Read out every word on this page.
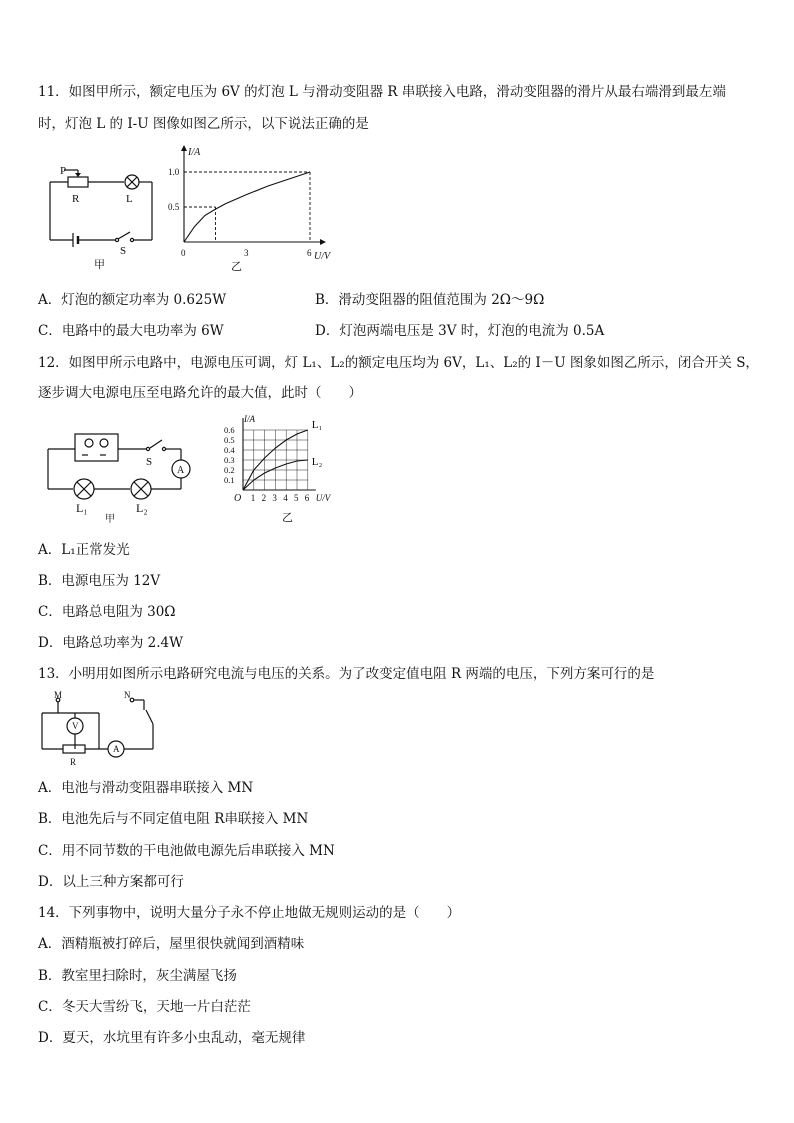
11．如图甲所示，额定电压为 6V 的灯泡 L 与滑动变阻器 R 串联接入电路，滑动变阻器的滑片从最右端滑到最左端
时，灯泡 L 的 I-U 图像如图乙所示，以下说法正确的是
P
R	L
S
甲
0	3	6
0.5
1.0
I/A
U/V
乙
A．灯泡的额定功率为 0.625W	B．滑动变阻器的阻值范围为 2Ω～9Ω
C．电路中的最大电功率为 6W	D．灯泡两端电压是 3V 时，灯泡的电流为 0.5A
12．如图甲所示电路中，电源电压可调，灯 L₁、L₂的额定电压均为 6V，L₁、L₂的 I－U 图象如图乙所示，闭合开关 S，
逐步调大电源电压至电路允许的最大值，此时（　　）
S
A
L₁	L₂
甲
1 2 3 4 5 6
0.1
0.2
0.3
0.4
0.5
0.6
O
I/A
U/V
L₁
L₂
乙
A．L₁正常发光
B．电源电压为 12V
C．电路总电阻为 30Ω
D．电路总功率为 2.4W
13．小明用如图所示电路研究电流与电压的关系。为了改变定值电阻 R 两端的电压，下列方案可行的是
M	N
V
A
R
A．电池与滑动变阻器串联接入 MN
B．电池先后与不同定值电阻 R串联接入 MN
C．用不同节数的干电池做电源先后串联接入 MN
D．以上三种方案都可行
14．下列事物中，说明大量分子永不停止地做无规则运动的是（　　）
A．酒精瓶被打碎后，屋里很快就闻到酒精味
B．教室里扫除时，灰尘满屋飞扬
C．冬天大雪纷飞，天地一片白茫茫
D．夏天，水坑里有许多小虫乱动，毫无规律
